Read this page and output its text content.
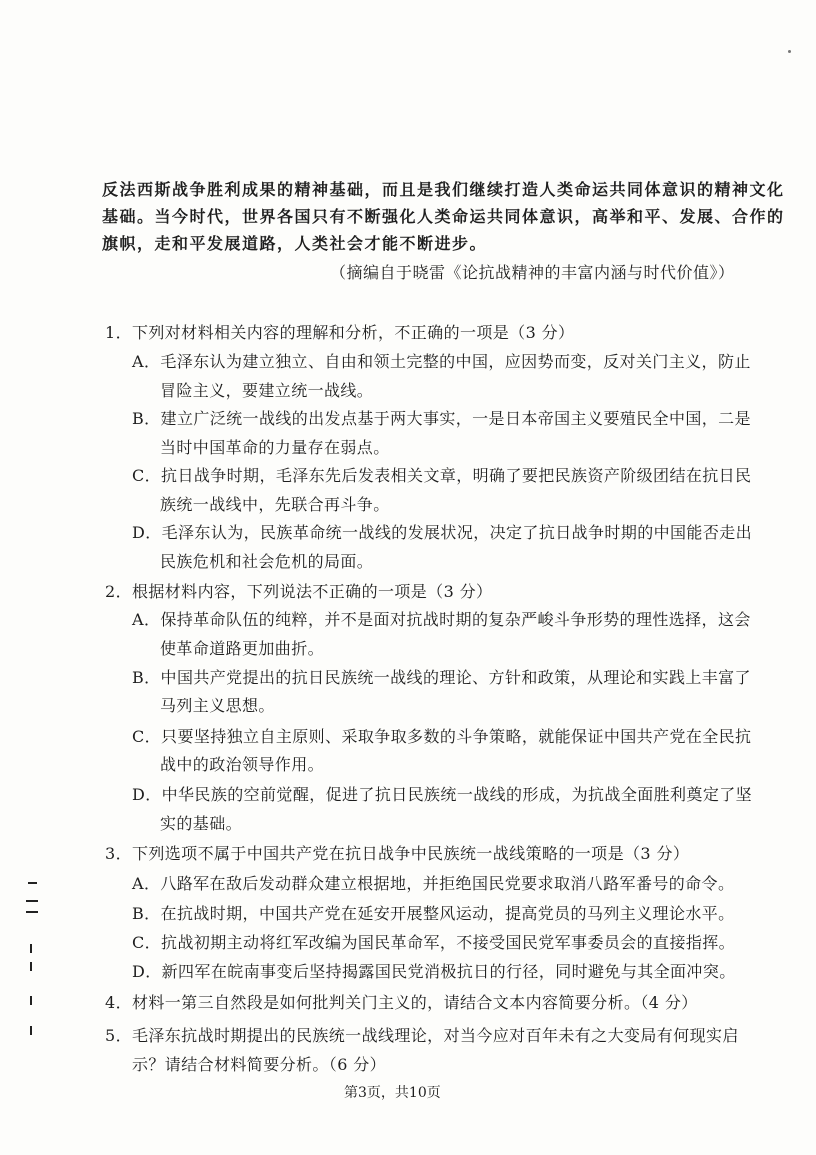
反法西斯战争胜利成果的精神基础，而且是我们继续打造人类命运共同体意识的精神文化
基础。当今时代，世界各国只有不断强化人类命运共同体意识，高举和平、发展、合作的
旗帜，走和平发展道路，人类社会才能不断进步。
（摘编自于晓雷《论抗战精神的丰富内涵与时代价值》）
1．下列对材料相关内容的理解和分析，不正确的一项是（3 分）
A．毛泽东认为建立独立、自由和领土完整的中国，应因势而变，反对关门主义，防止
冒险主义，要建立统一战线。
B．建立广泛统一战线的出发点基于两大事实，一是日本帝国主义要殖民全中国，二是
当时中国革命的力量存在弱点。
C．抗日战争时期，毛泽东先后发表相关文章，明确了要把民族资产阶级团结在抗日民
族统一战线中，先联合再斗争。
D．毛泽东认为，民族革命统一战线的发展状况，决定了抗日战争时期的中国能否走出
民族危机和社会危机的局面。
2．根据材料内容，下列说法不正确的一项是（3 分）
A．保持革命队伍的纯粹，并不是面对抗战时期的复杂严峻斗争形势的理性选择，这会
使革命道路更加曲折。
B．中国共产党提出的抗日民族统一战线的理论、方针和政策，从理论和实践上丰富了
马列主义思想。
C．只要坚持独立自主原则、采取争取多数的斗争策略，就能保证中国共产党在全民抗
战中的政治领导作用。
D．中华民族的空前觉醒，促进了抗日民族统一战线的形成，为抗战全面胜利奠定了坚
实的基础。
3．下列选项不属于中国共产党在抗日战争中民族统一战线策略的一项是（3 分）
A．八路军在敌后发动群众建立根据地，并拒绝国民党要求取消八路军番号的命令。
B．在抗战时期，中国共产党在延安开展整风运动，提高党员的马列主义理论水平。
C．抗战初期主动将红军改编为国民革命军，不接受国民党军事委员会的直接指挥。
D．新四军在皖南事变后坚持揭露国民党消极抗日的行径，同时避免与其全面冲突。
4．材料一第三自然段是如何批判关门主义的，请结合文本内容简要分析。（4 分）
5．毛泽东抗战时期提出的民族统一战线理论，对当今应对百年未有之大变局有何现实启
示？请结合材料简要分析。（6 分）
第3页，共10页
